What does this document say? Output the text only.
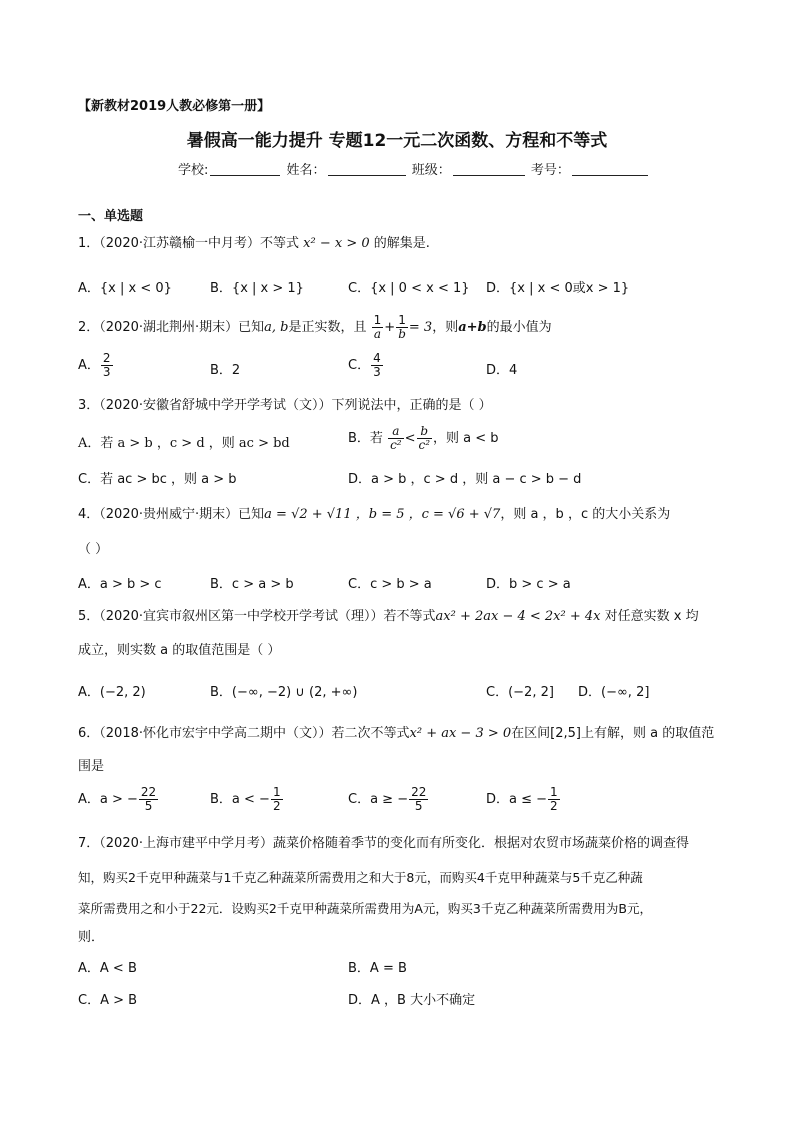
【新教材2019人教必修第一册】
暑假高一能力提升 专题12一元二次函数、方程和不等式
学校:	姓名：	班级：	考号：
一、单选题
1．（2020·江苏赣榆一中月考）不等式 x² − x > 0 的解集是.
A．{x | x < 0}	B．{x | x > 1}	C．{x | 0 < x < 1} D．{x | x < 0或x > 1}
2．（2020·湖北荆州·期末）已知a, b是正实数，且 $\frac{1}{a} + \frac{1}{b} = 3$，则a+b的最小值为
A． $\frac{2}{3}$	B．2	C． $\frac{4}{3}$	D．4
3．（2020·安徽省舒城中学开学考试（文））下列说法中，正确的是（ ）
A．若 a > b ，c > d ，则 ac > bd	B．若 $\frac{a}{\text{c²}} < \frac{b}{\text{c²}}$ ，则 a < b
C．若 ac > bc ，则 a > b	D．a > b ，c > d ，则 a − c > b − d
4．（2020·贵州威宁·期末）已知a = √2 + √11 ，b = 5 ，c = √6 + √7，则 a ，b ，c 的大小关系为
（ ）
A．a > b > c	B．c > a > b	C．c > b > a	D．b > c > a
5．（2020·宜宾市叙州区第一中学校开学考试（理））若不等式ax² + 2ax − 4 < 2x² + 4x 对任意实数 x 均
成立，则实数 a 的取值范围是（ ）
A．(−2, 2)	B．(−∞, −2) ∪ (2, +∞)	C．(−2, 2] D．(−∞, 2]
6．（2018·怀化市宏宇中学高二期中（文））若二次不等式x² + ax − 3 > 0在区间[2,5]上有解，则 a 的取值范
围是
A．a > − $\frac{22}{5}$	B．a < − $\frac{1}{2}$	C．a ≥ − $\frac{22}{5}$	D．a ≤ − $\frac{1}{2}$
7．（2020·上海市建平中学月考）蔬菜价格随着季节的变化而有所变化．根据对农贸市场蔬菜价格的调查得
知，购买2千克甲种蔬菜与1千克乙种蔬菜所需费用之和大于8元，而购买4千克甲种蔬菜与5千克乙种蔬
菜所需费用之和小于22元．设购买2千克甲种蔬菜所需费用为A元，购买3千克乙种蔬菜所需费用为B元，
则．
A．A < B	B．A = B
C．A > B	D．A ，B 大小不确定
